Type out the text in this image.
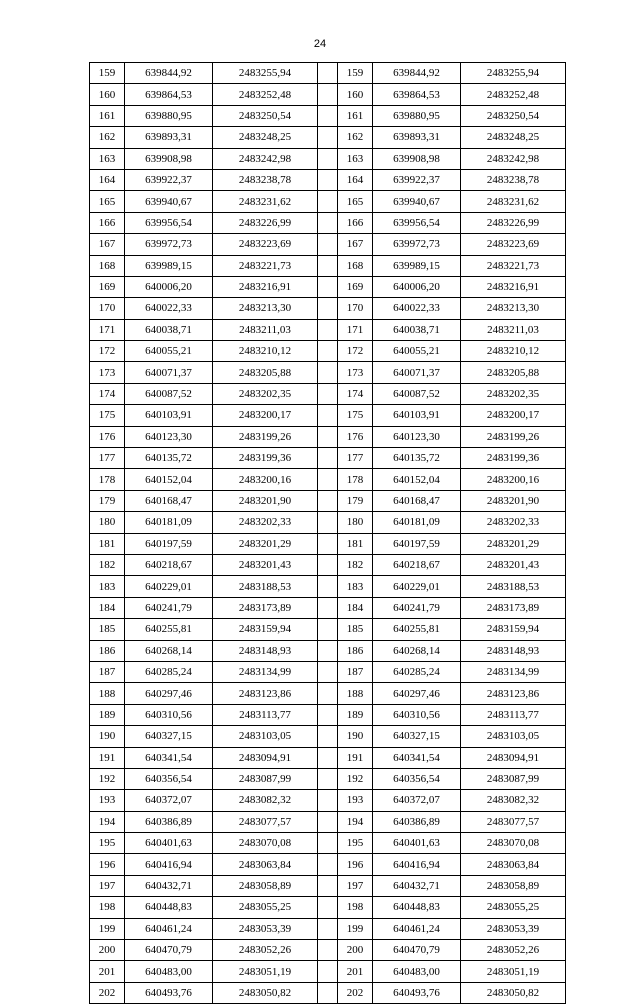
24
159	639844,92	2483255,94		159	639844,92	2483255,94
160	639864,53	2483252,48		160	639864,53	2483252,48
161	639880,95	2483250,54		161	639880,95	2483250,54
162	639893,31	2483248,25		162	639893,31	2483248,25
163	639908,98	2483242,98		163	639908,98	2483242,98
164	639922,37	2483238,78		164	639922,37	2483238,78
165	639940,67	2483231,62		165	639940,67	2483231,62
166	639956,54	2483226,99		166	639956,54	2483226,99
167	639972,73	2483223,69		167	639972,73	2483223,69
168	639989,15	2483221,73		168	639989,15	2483221,73
169	640006,20	2483216,91		169	640006,20	2483216,91
170	640022,33	2483213,30		170	640022,33	2483213,30
171	640038,71	2483211,03		171	640038,71	2483211,03
172	640055,21	2483210,12		172	640055,21	2483210,12
173	640071,37	2483205,88		173	640071,37	2483205,88
174	640087,52	2483202,35		174	640087,52	2483202,35
175	640103,91	2483200,17		175	640103,91	2483200,17
176	640123,30	2483199,26		176	640123,30	2483199,26
177	640135,72	2483199,36		177	640135,72	2483199,36
178	640152,04	2483200,16		178	640152,04	2483200,16
179	640168,47	2483201,90		179	640168,47	2483201,90
180	640181,09	2483202,33		180	640181,09	2483202,33
181	640197,59	2483201,29		181	640197,59	2483201,29
182	640218,67	2483201,43		182	640218,67	2483201,43
183	640229,01	2483188,53		183	640229,01	2483188,53
184	640241,79	2483173,89		184	640241,79	2483173,89
185	640255,81	2483159,94		185	640255,81	2483159,94
186	640268,14	2483148,93		186	640268,14	2483148,93
187	640285,24	2483134,99		187	640285,24	2483134,99
188	640297,46	2483123,86		188	640297,46	2483123,86
189	640310,56	2483113,77		189	640310,56	2483113,77
190	640327,15	2483103,05		190	640327,15	2483103,05
191	640341,54	2483094,91		191	640341,54	2483094,91
192	640356,54	2483087,99		192	640356,54	2483087,99
193	640372,07	2483082,32		193	640372,07	2483082,32
194	640386,89	2483077,57		194	640386,89	2483077,57
195	640401,63	2483070,08		195	640401,63	2483070,08
196	640416,94	2483063,84		196	640416,94	2483063,84
197	640432,71	2483058,89		197	640432,71	2483058,89
198	640448,83	2483055,25		198	640448,83	2483055,25
199	640461,24	2483053,39		199	640461,24	2483053,39
200	640470,79	2483052,26		200	640470,79	2483052,26
201	640483,00	2483051,19		201	640483,00	2483051,19
202	640493,76	2483050,82		202	640493,76	2483050,82
